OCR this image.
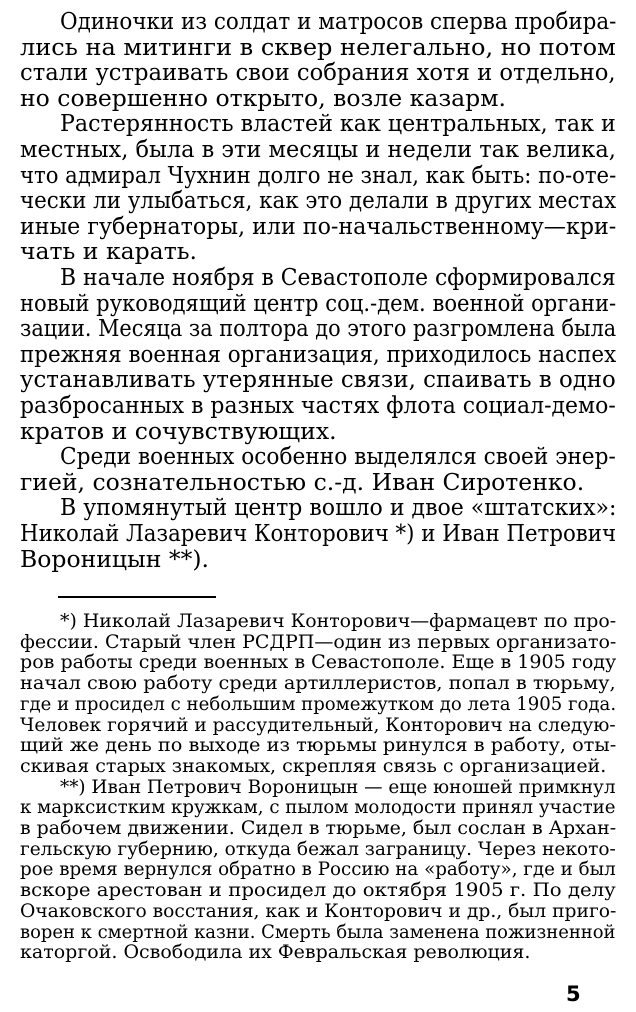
Одиночки из солдат и матросов сперва пробира-
лись на митинги в сквер нелегально, но потом
стали устраивать свои собрания хотя и отдельно,
но совершенно открыто, возле казарм.
Растерянность властей как центральных, так и
местных, была в эти месяцы и недели так велика,
что адмирал Чухнин долго не знал, как быть: по-оте-
чески ли улыбаться, как это делали в других местах
иные губернаторы, или по-начальственному—кри-
чать и карать.
В начале ноября в Севастополе сформировался
новый руководящий центр соц.-дем. военной органи-
зации. Месяца за полтора до этого разгромлена была
прежняя военная организация, приходилось наспех
устанавливать утерянные связи, спаивать в одно
разбросанных в разных частях флота социал-демо-
кратов и сочувствующих.
Среди военных особенно выделялся своей энер-
гией, сознательностью с.-д. Иван Сиротенко.
В упомянутый центр вошло и двое «штатских»:
Николай Лазаревич Конторович *) и Иван Петрович
Вороницын **).
*) Николай Лазаревич Конторович—фармацевт по про-
фессии. Старый член РСДРП—один из первых организато-
ров работы среди военных в Севастополе. Еще в 1905 году
начал свою работу среди артиллеристов, попал в тюрьму,
где и просидел с небольшим промежутком до лета 1905 года.
Человек горячий и рассудительный, Конторович на следую-
щий же день по выходе из тюрьмы ринулся в работу, оты-
скивая старых знакомых, скрепляя связь с организацией.
**) Иван Петрович Вороницын — еще юношей примкнул
к марксистким кружкам, с пылом молодости принял участие
в рабочем движении. Сидел в тюрьме, был сослан в Архан-
гельскую губернию, откуда бежал заграницу. Через некото-
рое время вернулся обратно в Россию на «работу», где и был
вскоре арестован и просидел до октября 1905 г. По делу
Очаковского восстания, как и Конторович и др., был приго-
ворен к смертной казни. Смерть была заменена пожизненной
каторгой. Освободила их Февральская революция.
5
